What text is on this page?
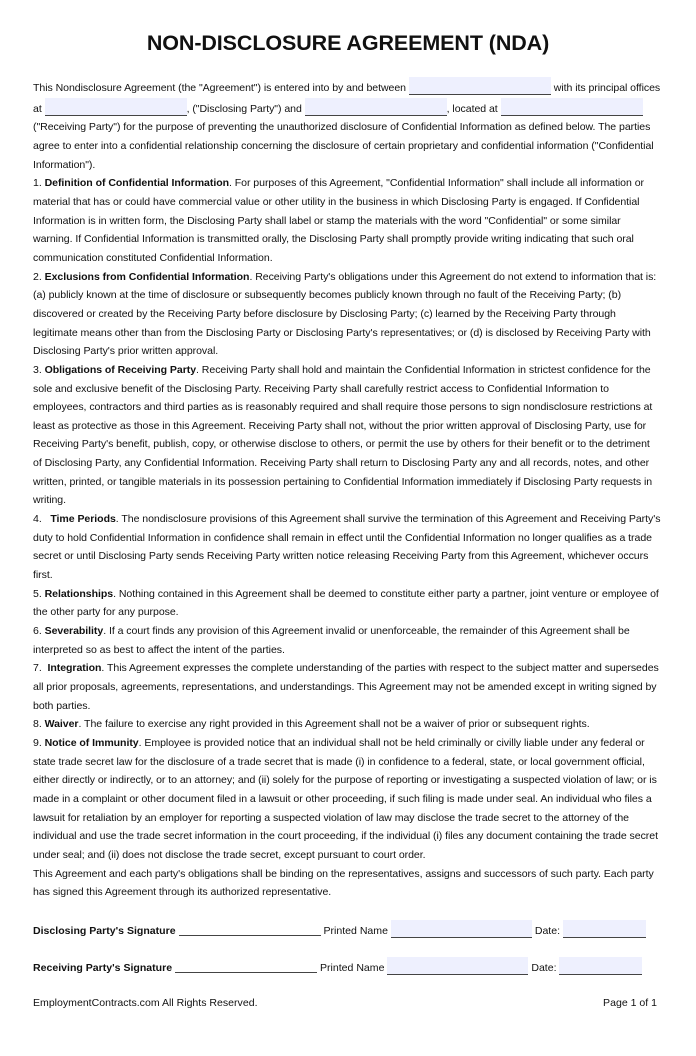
NON-DISCLOSURE AGREEMENT (NDA)

This Nondisclosure Agreement (the "Agreement") is entered into by and between	with its principal offices at	, ("Disclosing Party") and	, located at  ("Receiving Party") for the purpose of preventing the unauthorized disclosure of Confidential Information as defined below. The parties agree to enter into a confidential relationship concerning the disclosure of certain proprietary and confidential information ("Confidential Information").

1. Definition of Confidential Information. For purposes of this Agreement, "Confidential Information" shall include all information or material that has or could have commercial value or other utility in the business in which Disclosing Party is engaged. If Confidential Information is in written form, the Disclosing Party shall label or stamp the materials with the word "Confidential" or some similar warning. If Confidential Information is transmitted orally, the Disclosing Party shall promptly provide writing indicating that such oral communication constituted Confidential Information.

2. Exclusions from Confidential Information. Receiving Party's obligations under this Agreement do not extend to information that is: (a) publicly known at the time of disclosure or subsequently becomes publicly known through no fault of the Receiving Party; (b) discovered or created by the Receiving Party before disclosure by Disclosing Party; (c) learned by the Receiving Party through legitimate means other than from the Disclosing Party or Disclosing Party's representatives; or (d) is disclosed by Receiving Party with Disclosing Party's prior written approval.

3. Obligations of Receiving Party. Receiving Party shall hold and maintain the Confidential Information in strictest confidence for the sole and exclusive benefit of the Disclosing Party. Receiving Party shall carefully restrict access to Confidential Information to employees, contractors and third parties as is reasonably required and shall require those persons to sign nondisclosure restrictions at least as protective as those in this Agreement. Receiving Party shall not, without the prior written approval of Disclosing Party, use for Receiving Party's benefit, publish, copy, or otherwise disclose to others, or permit the use by others for their benefit or to the detriment of Disclosing Party, any Confidential Information. Receiving Party shall return to Disclosing Party any and all records, notes, and other written, printed, or tangible materials in its possession pertaining to Confidential Information immediately if Disclosing Party requests in writing.

4.   Time Periods. The nondisclosure provisions of this Agreement shall survive the termination of this Agreement and Receiving Party's duty to hold Confidential Information in confidence shall remain in effect until the Confidential Information no longer qualifies as a trade secret or until Disclosing Party sends Receiving Party written notice releasing Receiving Party from this Agreement, whichever occurs first.

5. Relationships. Nothing contained in this Agreement shall be deemed to constitute either party a partner, joint venture or employee of the other party for any purpose.

6. Severability. If a court finds any provision of this Agreement invalid or unenforceable, the remainder of this Agreement shall be interpreted so as best to affect the intent of the parties.

7.  Integration. This Agreement expresses the complete understanding of the parties with respect to the subject matter and supersedes all prior proposals, agreements, representations, and understandings. This Agreement may not be amended except in writing signed by both parties.

8. Waiver. The failure to exercise any right provided in this Agreement shall not be a waiver of prior or subsequent rights.

9. Notice of Immunity. Employee is provided notice that an individual shall not be held criminally or civilly liable under any federal or state trade secret law for the disclosure of a trade secret that is made (i) in confidence to a federal, state, or local government official, either directly or indirectly, or to an attorney; and (ii) solely for the purpose of reporting or investigating a suspected violation of law; or is made in a complaint or other document filed in a lawsuit or other proceeding, if such filing is made under seal. An individual who files a lawsuit for retaliation by an employer for reporting a suspected violation of law may disclose the trade secret to the attorney of the individual and use the trade secret information in the court proceeding, if the individual (i) files any document containing the trade secret under seal; and (ii) does not disclose the trade secret, except pursuant to court order.

This Agreement and each party's obligations shall be binding on the representatives, assigns and successors of such party. Each party has signed this Agreement through its authorized representative.

Disclosing Party's Signature	Printed Name	Date:
Receiving Party's Signature	Printed Name	Date:
EmploymentContracts.com All Rights Reserved.	Page 1 of 1
